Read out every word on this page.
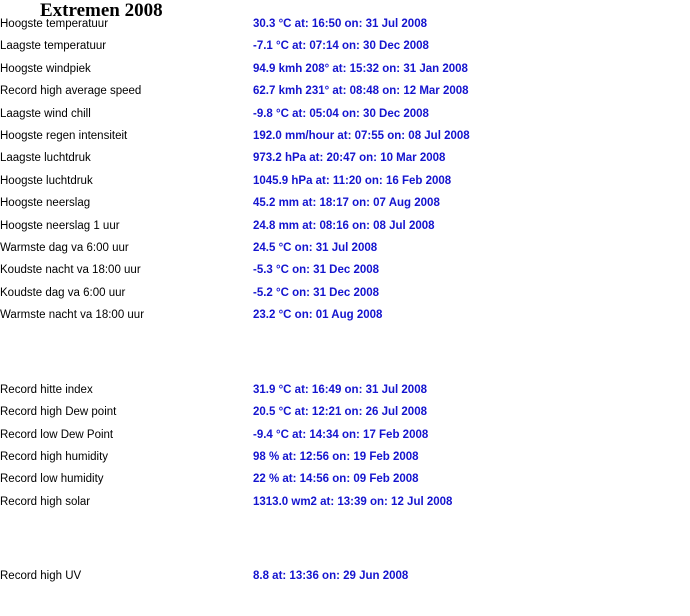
Extremen 2008
Hoogste temperatuur	30.3 °C at: 16:50 on: 31 Jul 2008
Laagste temperatuur	-7.1 °C at: 07:14 on: 30 Dec 2008
Hoogste windpiek	94.9 kmh 208° at: 15:32 on: 31 Jan 2008
Record high average speed	62.7 kmh 231° at: 08:48 on: 12 Mar 2008
Laagste wind chill	-9.8 °C at: 05:04 on: 30 Dec 2008
Hoogste regen intensiteit	192.0 mm/hour at: 07:55 on: 08 Jul 2008
Laagste luchtdruk	973.2 hPa at: 20:47 on: 10 Mar 2008
Hoogste luchtdruk	1045.9 hPa at: 11:20 on: 16 Feb 2008
Hoogste neerslag	45.2 mm at: 18:17 on: 07 Aug 2008
Hoogste neerslag 1 uur	24.8 mm at: 08:16 on: 08 Jul 2008
Warmste dag va 6:00 uur	24.5 °C on: 31 Jul 2008
Koudste nacht va 18:00 uur	-5.3 °C on: 31 Dec 2008
Koudste dag va 6:00 uur	-5.2 °C on: 31 Dec 2008
Warmste nacht va 18:00 uur	23.2 °C on: 01 Aug 2008

Record hitte index	31.9 °C at: 16:49 on: 31 Jul 2008
Record high Dew point	20.5 °C at: 12:21 on: 26 Jul 2008
Record low Dew Point	-9.4 °C at: 14:34 on: 17 Feb 2008
Record high humidity	98 % at: 12:56 on: 19 Feb 2008
Record low humidity	22 % at: 14:56 on: 09 Feb 2008
Record high solar	1313.0 wm2 at: 13:39 on: 12 Jul 2008

Record high UV	8.8 at: 13:36 on: 29 Jun 2008
